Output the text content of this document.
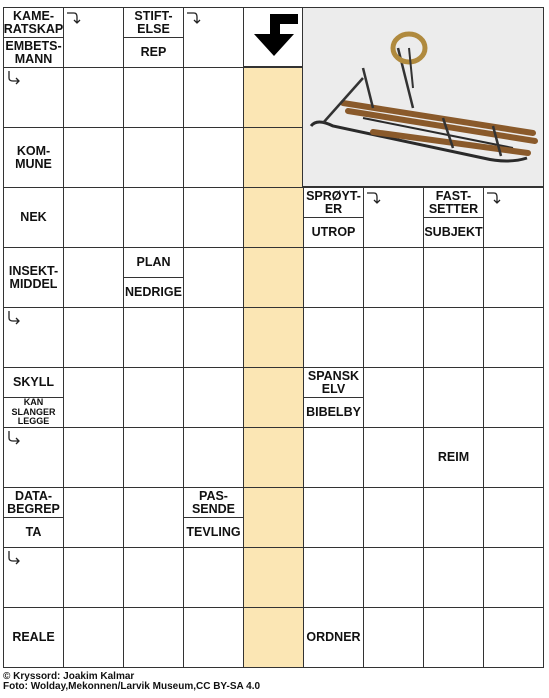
KAME-RATSKAP
EMBETS-MANN
STIFT-ELSE
REP
KOM-MUNE
NEK
INSEKT-MIDDEL
PLAN
NEDRIGE
SKYLL
KAN SLANGER LEGGE
DATA-BEGREP
TA
PAS-SENDE
TEVLING
REALE
SPRØYT-ER
UTROP
FAST-SETTER
SUBJEKT
SPANSK ELV
BIBELBY
REIM
ORDNER
© Kryssord: Joakim Kalmar
Foto: Wolday,Mekonnen/Larvik Museum,CC BY-SA 4.0
